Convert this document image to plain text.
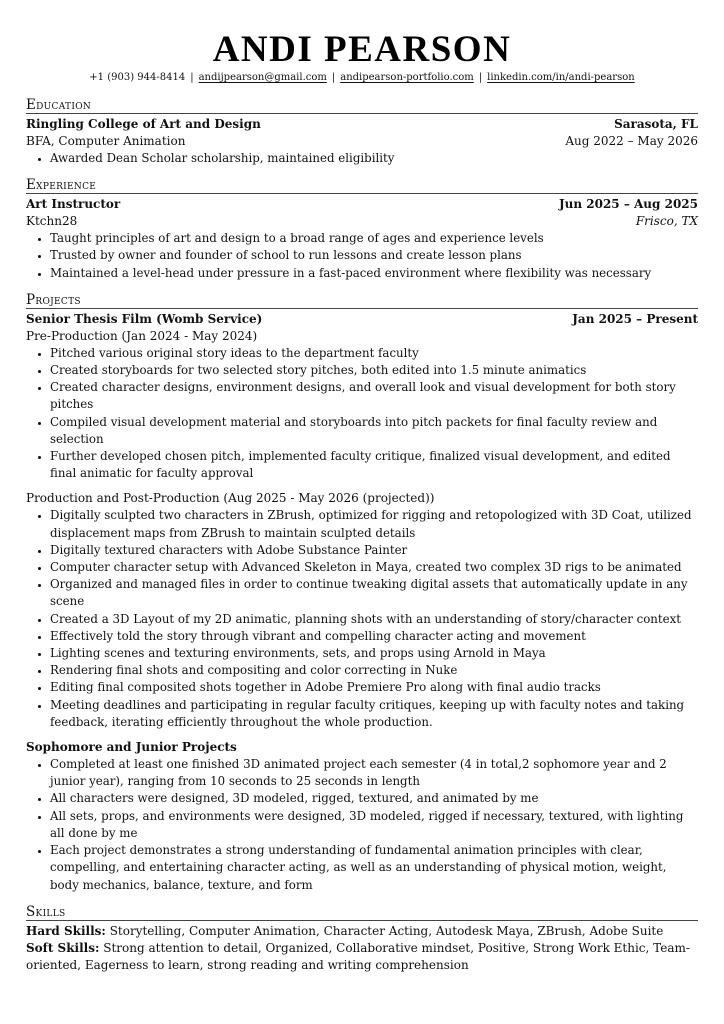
ANDI PEARSON
+1 (903) 944-8414 | andijpearson@gmail.com | andipearson-portfolio.com | linkedin.com/in/andi-pearson
Education
Ringling College of Art and Design	Sarasota, FL
BFA, Computer Animation	Aug 2022 – May 2026
• Awarded Dean Scholar scholarship, maintained eligibility
Experience
Art Instructor	Jun 2025 – Aug 2025
Ktchn28	Frisco, TX
• Taught principles of art and design to a broad range of ages and experience levels
• Trusted by owner and founder of school to run lessons and create lesson plans
• Maintained a level-head under pressure in a fast-paced environment where flexibility was necessary
Projects
Senior Thesis Film (Womb Service)	Jan 2025 – Present
Pre-Production (Jan 2024 - May 2024)
• Pitched various original story ideas to the department faculty
• Created storyboards for two selected story pitches, both edited into 1.5 minute animatics
• Created character designs, environment designs, and overall look and visual development for both story pitches
• Compiled visual development material and storyboards into pitch packets for final faculty review and selection
• Further developed chosen pitch, implemented faculty critique, finalized visual development, and edited final animatic for faculty approval
Production and Post-Production (Aug 2025 - May 2026 (projected))
• Digitally sculpted two characters in ZBrush, optimized for rigging and retopologized with 3D Coat, utilized displacement maps from ZBrush to maintain sculpted details
• Digitally textured characters with Adobe Substance Painter
• Computer character setup with Advanced Skeleton in Maya, created two complex 3D rigs to be animated
• Organized and managed files in order to continue tweaking digital assets that automatically update in any scene
• Created a 3D Layout of my 2D animatic, planning shots with an understanding of story/character context
• Effectively told the story through vibrant and compelling character acting and movement
• Lighting scenes and texturing environments, sets, and props using Arnold in Maya
• Rendering final shots and compositing and color correcting in Nuke
• Editing final composited shots together in Adobe Premiere Pro along with final audio tracks
• Meeting deadlines and participating in regular faculty critiques, keeping up with faculty notes and taking feedback, iterating efficiently throughout the whole production.
Sophomore and Junior Projects
• Completed at least one finished 3D animated project each semester (4 in total,2 sophomore year and 2 junior year), ranging from 10 seconds to 25 seconds in length
• All characters were designed, 3D modeled, rigged, textured, and animated by me
• All sets, props, and environments were designed, 3D modeled, rigged if necessary, textured, with lighting all done by me
• Each project demonstrates a strong understanding of fundamental animation principles with clear, compelling, and entertaining character acting, as well as an understanding of physical motion, weight, body mechanics, balance, texture, and form
Skills
Hard Skills: Storytelling, Computer Animation, Character Acting, Autodesk Maya, ZBrush, Adobe Suite
Soft Skills: Strong attention to detail, Organized, Collaborative mindset, Positive, Strong Work Ethic, Team-oriented, Eagerness to learn, strong reading and writing comprehension
